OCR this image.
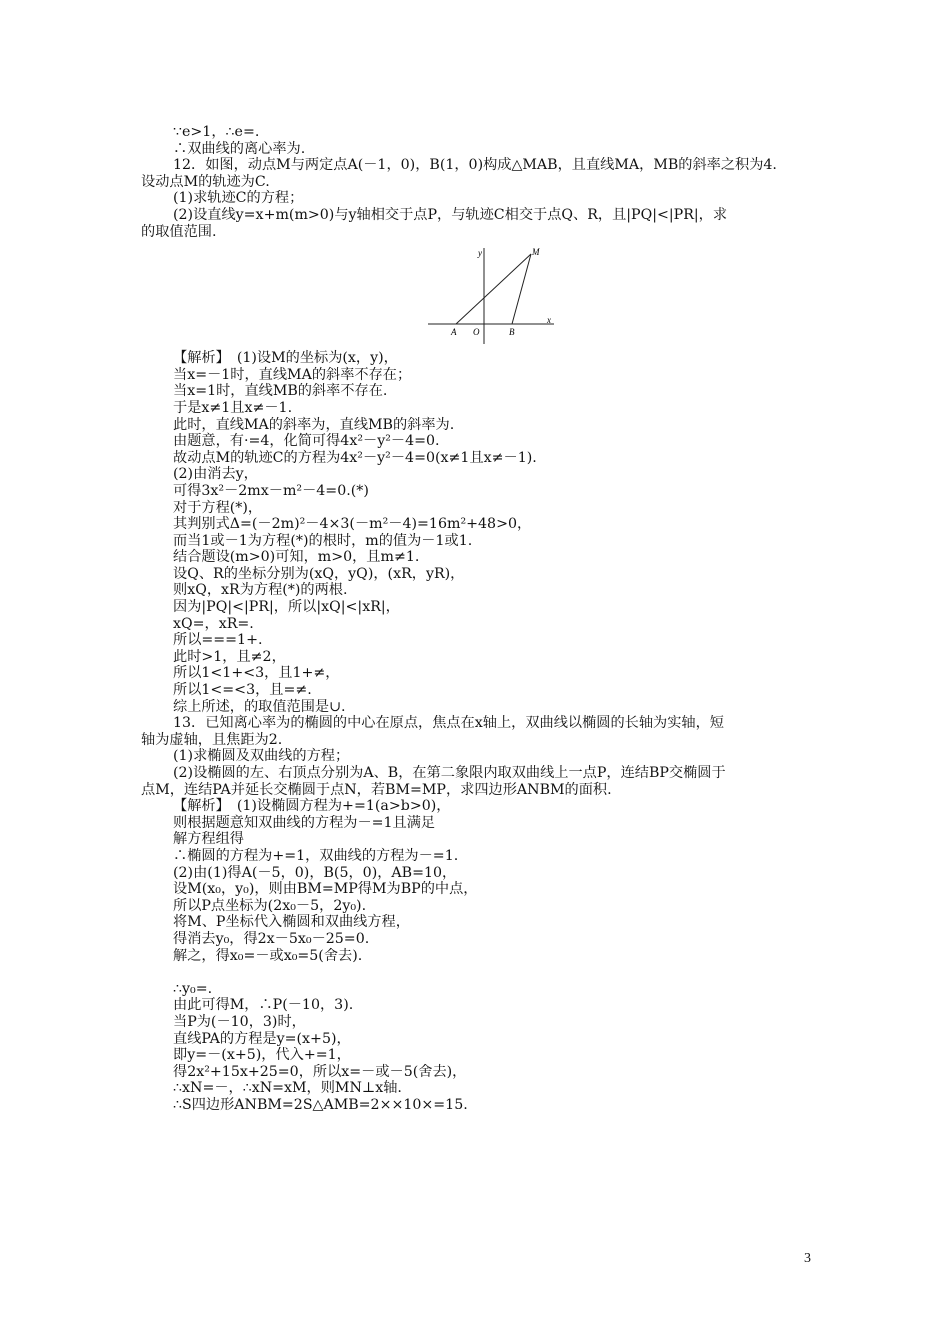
∵e>1，∴e=.
∴双曲线的离心率为.
12．如图，动点M与两定点A(－1，0)，B(1，0)构成△MAB，且直线MA，MB的斜率之积为4.
设动点M的轨迹为C.
(1)求轨迹C的方程；
(2)设直线y=x+m(m>0)与y轴相交于点P，与轨迹C相交于点Q、R，且|PQ|<|PR|，求
的取值范围.
y
x
M
A O	B
【解析】　(1)设M的坐标为(x，y)，
当x=－1时，直线MA的斜率不存在；
当x=1时，直线MB的斜率不存在.
于是x≠1且x≠－1.
此时，直线MA的斜率为，直线MB的斜率为.
由题意，有·=4，化简可得4x²－y²－4=0.
故动点M的轨迹C的方程为4x²－y²－4=0(x≠1且x≠－1).
(2)由消去y，
可得3x²－2mx－m²－4=0.(*)
对于方程(*)，
其判别式Δ=(－2m)²－4×3(－m²－4)=16m²+48>0，
而当1或－1为方程(*)的根时，m的值为－1或1.
结合题设(m>0)可知，m>0，且m≠1.
设Q、R的坐标分别为(xQ，yQ)，(xR，yR)，
则xQ，xR为方程(*)的两根.
因为|PQ|<|PR|，所以|xQ|<|xR|，
xQ=，xR=.
所以===1+.
此时>1，且≠2，
所以1<1+<3，且1+≠，
所以1<=<3，且=≠.
综上所述，的取值范围是∪.
13．已知离心率为的椭圆的中心在原点，焦点在x轴上，双曲线以椭圆的长轴为实轴，短
轴为虚轴，且焦距为2.
(1)求椭圆及双曲线的方程；
(2)设椭圆的左、右顶点分别为A、B，在第二象限内取双曲线上一点P，连结BP交椭圆于
点M，连结PA并延长交椭圆于点N，若BM=MP，求四边形ANBM的面积.
【解析】　(1)设椭圆方程为+=1(a>b>0)，
则根据题意知双曲线的方程为－=1且满足
解方程组得
∴椭圆的方程为+=1，双曲线的方程为－=1.
(2)由(1)得A(－5，0)，B(5，0)，AB=10，
设M(x₀，y₀)，则由BM=MP得M为BP的中点，
所以P点坐标为(2x₀－5，2y₀).
将M、P坐标代入椭圆和双曲线方程，
得消去y₀，得2x－5x₀－25=0.
解之，得x₀=－或x₀=5(舍去).
∴y₀=.
由此可得M，∴P(－10，3).
当P为(－10，3)时，
直线PA的方程是y=(x+5)，
即y=－(x+5)，代入+=1，
得2x²+15x+25=0，所以x=－或－5(舍去)，
∴xN=－，∴xN=xM，则MN⊥x轴.
∴S四边形ANBM=2S△AMB=2××10×=15.
3
